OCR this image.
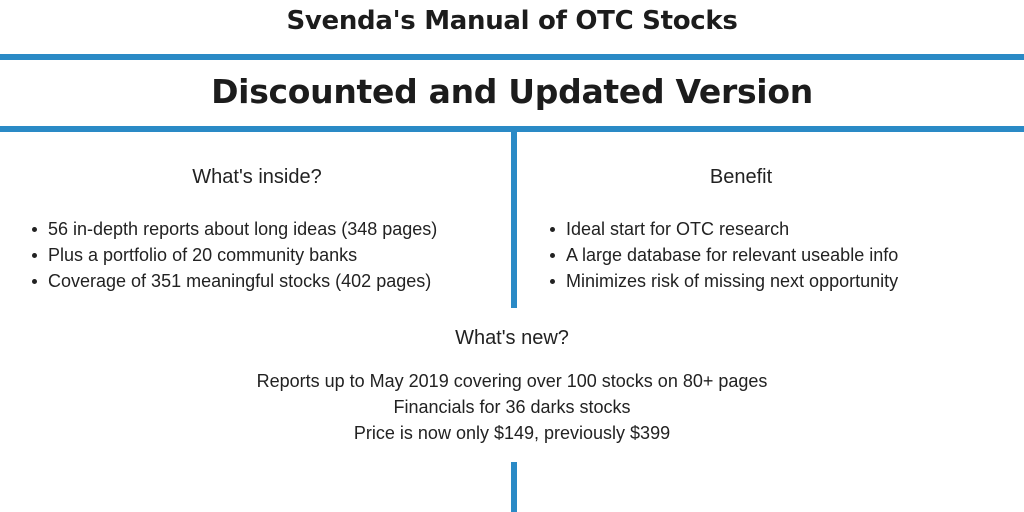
Svenda's Manual of OTC Stocks
Discounted and Updated Version
What's inside?
56 in-depth reports about long ideas (348 pages)
Plus a portfolio of 20 community banks
Coverage of 351 meaningful stocks (402 pages)
Benefit
Ideal start for OTC research
A large database for relevant useable info
Minimizes risk of missing next opportunity
What's new?
Reports up to May 2019 covering over 100 stocks on 80+ pages
Financials for 36 darks stocks
Price is now only $149, previously $399
